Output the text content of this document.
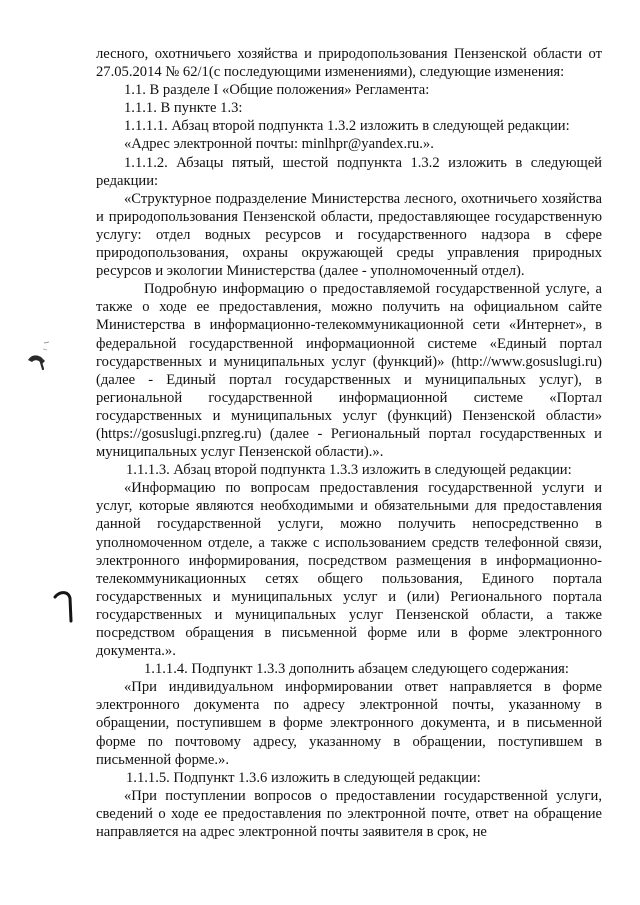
лесного, охотничьего хозяйства и природопользования Пензенской области от 27.05.2014 № 62/1(с последующими изменениями), следующие изменения:

1.1. В разделе I «Общие положения» Регламента:

1.1.1. В пункте 1.3:

1.1.1.1. Абзац второй подпункта 1.3.2 изложить в следующей редакции:

«Адрес электронной почты: minlhpr@yandex.ru.».

1.1.1.2. Абзацы пятый, шестой подпункта 1.3.2 изложить в следующей редакции:

«Структурное подразделение Министерства лесного, охотничьего хозяйства и природопользования Пензенской области, предоставляющее государственную услугу: отдел водных ресурсов и государственного надзора в сфере природопользования, охраны окружающей среды управления природных ресурсов и экологии Министерства (далее - уполномоченный отдел).

Подробную информацию о предоставляемой государственной услуге, а также о ходе ее предоставления, можно получить на официальном сайте Министерства в информационно-телекоммуникационной сети «Интернет», в федеральной государственной информационной системе «Единый портал государственных и муниципальных услуг (функций)» (http://www.gosuslugi.ru) (далее - Единый портал государственных и муниципальных услуг), в региональной государственной информационной системе «Портал государственных и муниципальных услуг (функций) Пензенской области» (https://gosuslugi.pnzreg.ru) (далее - Региональный портал государственных и муниципальных услуг Пензенской области).».

1.1.1.3. Абзац второй подпункта 1.3.3 изложить в следующей редакции:

«Информацию по вопросам предоставления государственной услуги и услуг, которые являются необходимыми и обязательными для предоставления данной государственной услуги, можно получить непосредственно в уполномоченном отделе, а также с использованием средств телефонной связи, электронного информирования, посредством размещения в информационно-телекоммуникационных сетях общего пользования, Единого портала государственных и муниципальных услуг и (или) Регионального портала государственных и муниципальных услуг Пензенской области, а также посредством обращения в письменной форме или в форме электронного документа.».

1.1.1.4. Подпункт 1.3.3 дополнить абзацем следующего содержания:

«При индивидуальном информировании ответ направляется в форме электронного документа по адресу электронной почты, указанному в обращении, поступившем в форме электронного документа, и в письменной форме по почтовому адресу, указанному в обращении, поступившем в письменной форме.».

1.1.1.5. Подпункт 1.3.6 изложить в следующей редакции:

«При поступлении вопросов о предоставлении государственной услуги, сведений о ходе ее предоставления по электронной почте, ответ на обращение направляется на адрес электронной почты заявителя в срок, не
